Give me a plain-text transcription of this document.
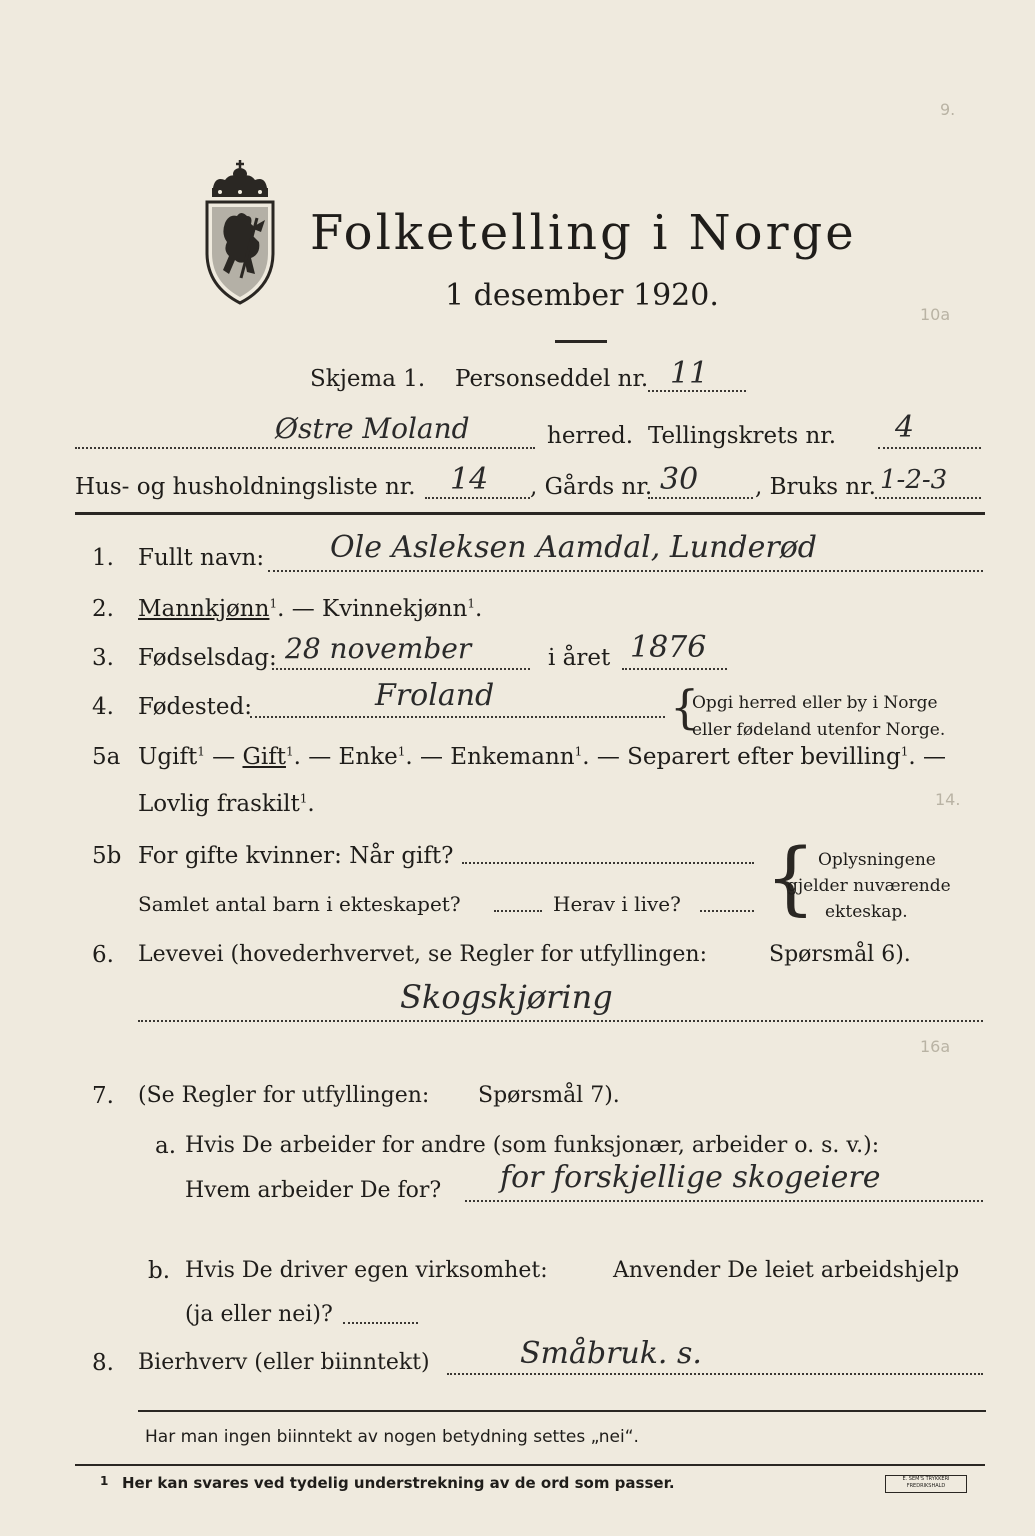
9.
10a
14.
16a
Folketelling i Norge
1 desember 1920.
Skjema 1. Personseddel nr. 11
Østre Moland	herred. Tellingskrets nr. 4
Hus- og husholdningsliste nr. 14 , Gårds nr. 30 , Bruks nr. 1-2-3
1. Fullt navn: Ole Asleksen Aamdal, Lunderød
2. Mannkjønn$^1$. — Kvinnekjønn$^1$.
3. Fødselsdag: 28 november	i året 1876
4. Fødested:	Froland	{
Opgi herred eller by i Norge
eller fødeland utenfor Norge.
5a Ugift$^1$ — Gift$^1$. — Enke$^1$. — Enkemann$^1$. — Separert efter bevilling$^1$. —
Lovlig fraskilt$^1$.
5b For gifte kvinner: Når gift?
Samlet antal barn i ekteskapet?	Herav i live? { Oplysningene
gjelder nuværende
ekteskap.
6. Levevei (hovederhvervet, se Regler for utfyllingen:	Spørsmål 6).
Skogskjøring
7. (Se Regler for utfyllingen: Spørsmål 7).
a. Hvis De arbeider for andre (som funksjonær, arbeider o. s. v.):
Hvem arbeider De for? for forskjellige skogeiere
b. Hvis De driver egen virksomhet:	Anvender De leiet arbeidshjelp
(ja eller nei)?
8. Bierhverv (eller biinntekt)	Småbruk. s.
Har man ingen biinntekt av nogen betydning settes „nei“.
1 Her kan svares ved tydelig understrekning av de ord som passer.	E. SEM'S TRYKKERI FREDRIKSHALD
